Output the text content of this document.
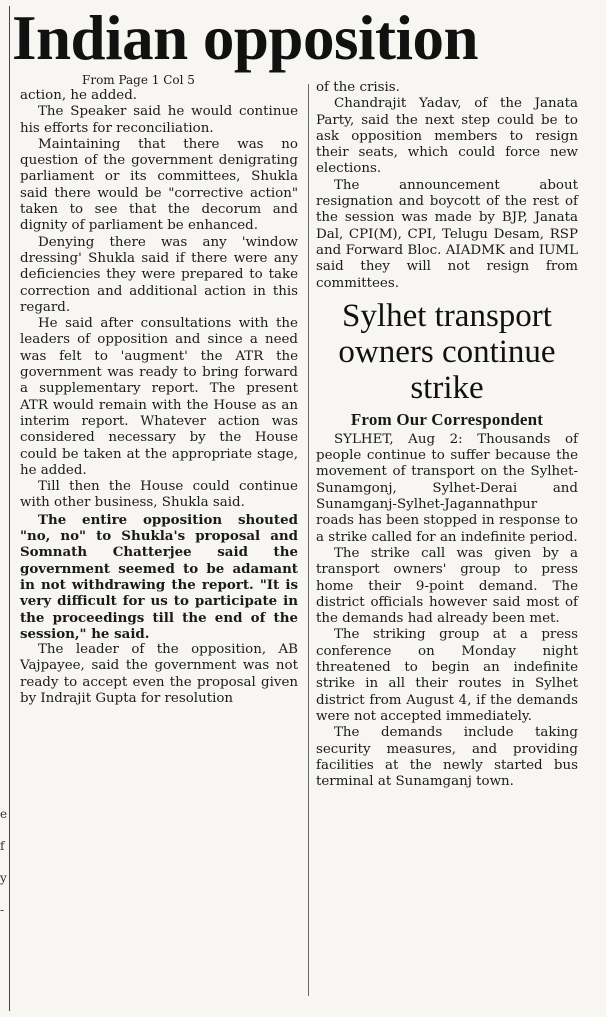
Indian opposition
e
f
y
-

From Page 1 Col 5

action, he added.

The Speaker said he would continue his efforts for reconciliation.

Maintaining that there was no question of the government denigrating parliament or its committees, Shukla said there would be "corrective action" taken to see that the decorum and dignity of parliament be enhanced.

Denying there was any 'window dressing' Shukla said if there were any deficiencies they were prepared to take correction and additional action in this regard.

He said after consultations with the leaders of opposition and since a need was felt to 'augment' the ATR the government was ready to bring forward a supplementary report. The present ATR would remain with the House as an interim report. Whatever action was considered necessary by the House could be taken at the appropriate stage, he added.

Till then the House could continue with other business, Shukla said.

The entire opposition shouted "no, no" to Shukla's proposal and Somnath Chatterjee said the government seemed to be adamant in not withdrawing the report. "It is very difficult for us to participate in the proceedings till the end of the session," he said.

The leader of the opposition, AB Vajpayee, said the government was not ready to accept even the proposal given by Indrajit Gupta for resolution

of the crisis.

Chandrajit Yadav, of the Janata Party, said the next step could be to ask opposition members to resign their seats, which could force new elections.

The announcement about resignation and boycott of the rest of the session was made by BJP, Janata Dal, CPI(M), CPI, Telugu Desam, RSP and Forward Bloc. AIADMK and IUML said they will not resign from committees.

Sylhet transport owners continue strike
From Our Correspondent

SYLHET, Aug 2: Thousands of people continue to suffer because the movement of transport on the Sylhet-Sunamgonj, Sylhet-Derai and Sunamganj-Sylhet-Jagannathpur roads has been stopped in response to a strike called for an indefinite period.

The strike call was given by a transport owners' group to press home their 9-point demand. The district officials however said most of the demands had already been met.

The striking group at a press conference on Monday night threatened to begin an indefinite strike in all their routes in Sylhet district from August 4, if the demands were not accepted immediately.

The demands include taking security measures, and providing facilities at the newly started bus terminal at Sunamganj town.
